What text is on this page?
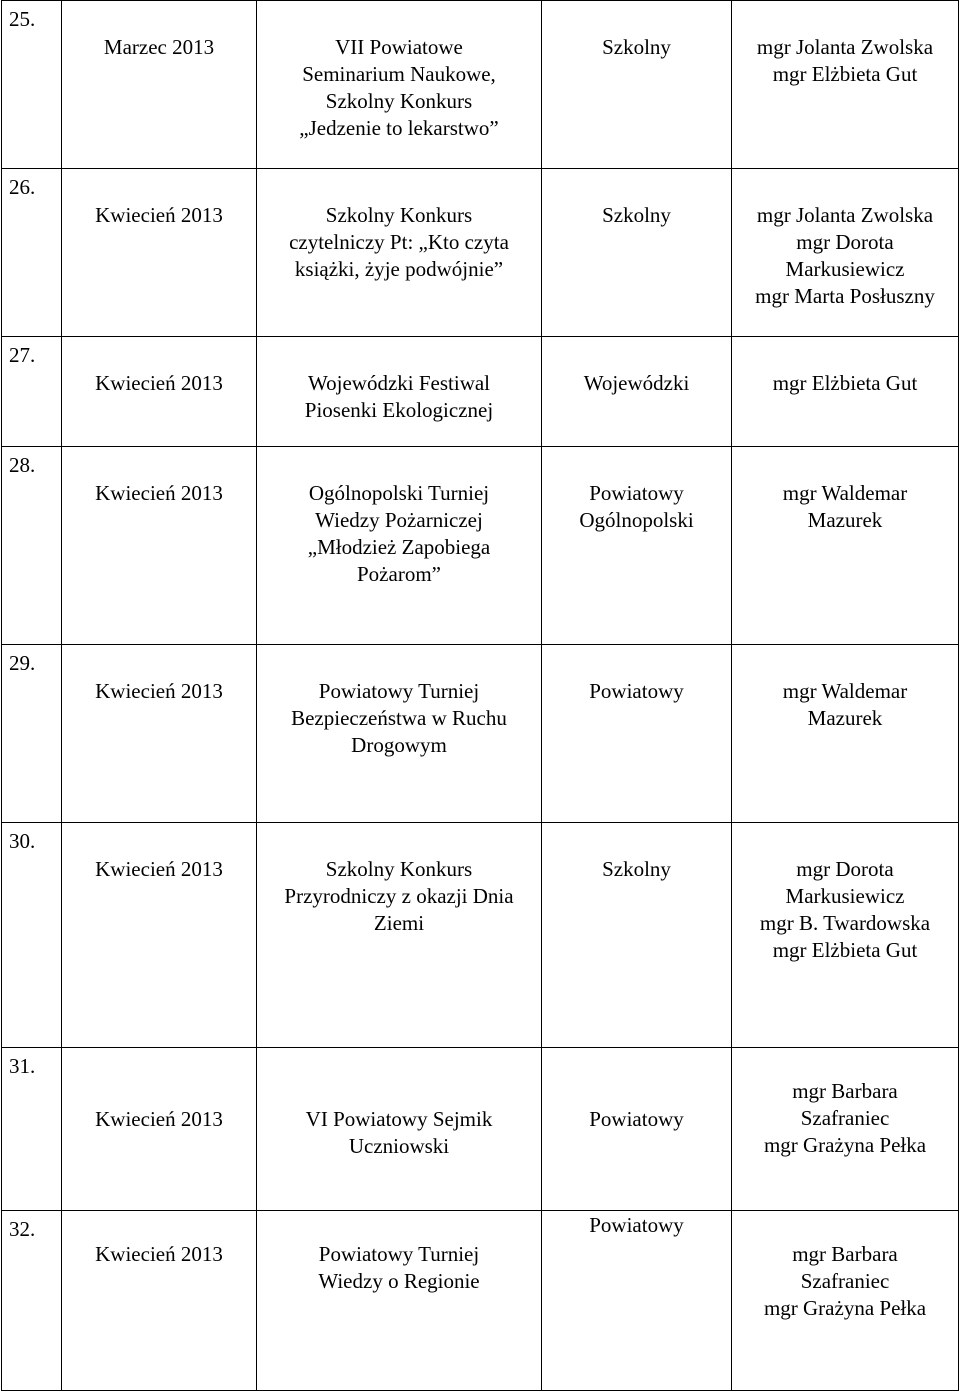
25.	Marzec 2013	VII Powiatowe
Seminarium Naukowe,
Szkolny Konkurs
„Jedzenie to lekarstwo”	Szkolny	mgr Jolanta Zwolska
mgr Elżbieta Gut

26.	Kwiecień 2013	Szkolny Konkurs
czytelniczy Pt: „Kto czyta
książki, żyje podwójnie”	Szkolny	mgr Jolanta Zwolska
mgr Dorota
Markusiewicz
mgr Marta Posłuszny

27.	Kwiecień 2013	Wojewódzki Festiwal
Piosenki Ekologicznej	Wojewódzki	mgr Elżbieta Gut

28.	Kwiecień 2013	Ogólnopolski Turniej
Wiedzy Pożarniczej
„Młodzież Zapobiega
Pożarom”	Powiatowy
Ogólnopolski	mgr Waldemar
Mazurek

29.	Kwiecień 2013	Powiatowy Turniej
Bezpieczeństwa w Ruchu
Drogowym	Powiatowy	mgr Waldemar
Mazurek

30.	Kwiecień 2013	Szkolny Konkurs
Przyrodniczy z okazji Dnia
Ziemi	Szkolny	mgr Dorota
Markusiewicz
mgr B. Twardowska
mgr Elżbieta Gut

31.	Kwiecień 2013	VI Powiatowy Sejmik
Uczniowski	Powiatowy	mgr Barbara
Szafraniec
mgr Grażyna Pełka

32.	Kwiecień 2013	Powiatowy Turniej
Wiedzy o Regionie	Powiatowy	mgr Barbara
Szafraniec
mgr Grażyna Pełka
